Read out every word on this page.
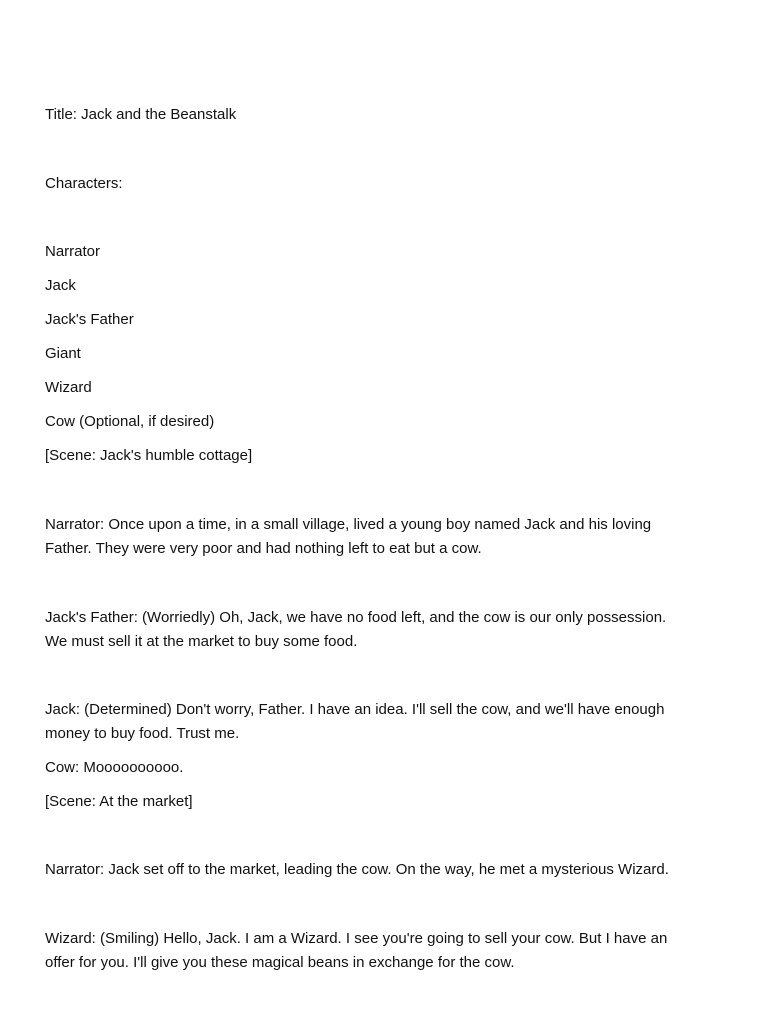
Title: Jack and the Beanstalk
Characters:
Narrator
Jack
Jack's Father
Giant
Wizard
Cow (Optional, if desired)
[Scene: Jack's humble cottage]
Narrator: Once upon a time, in a small village, lived a young boy named Jack and his loving
Father. They were very poor and had nothing left to eat but a cow.
Jack's Father: (Worriedly) Oh, Jack, we have no food left, and the cow is our only possession.
We must sell it at the market to buy some food.
Jack: (Determined) Don't worry, Father. I have an idea. I'll sell the cow, and we'll have enough
money to buy food. Trust me.
Cow: Moooooooooo.
[Scene: At the market]
Narrator: Jack set off to the market, leading the cow. On the way, he met a mysterious Wizard.
Wizard: (Smiling) Hello, Jack. I am a Wizard. I see you're going to sell your cow. But I have an
offer for you. I'll give you these magical beans in exchange for the cow.
